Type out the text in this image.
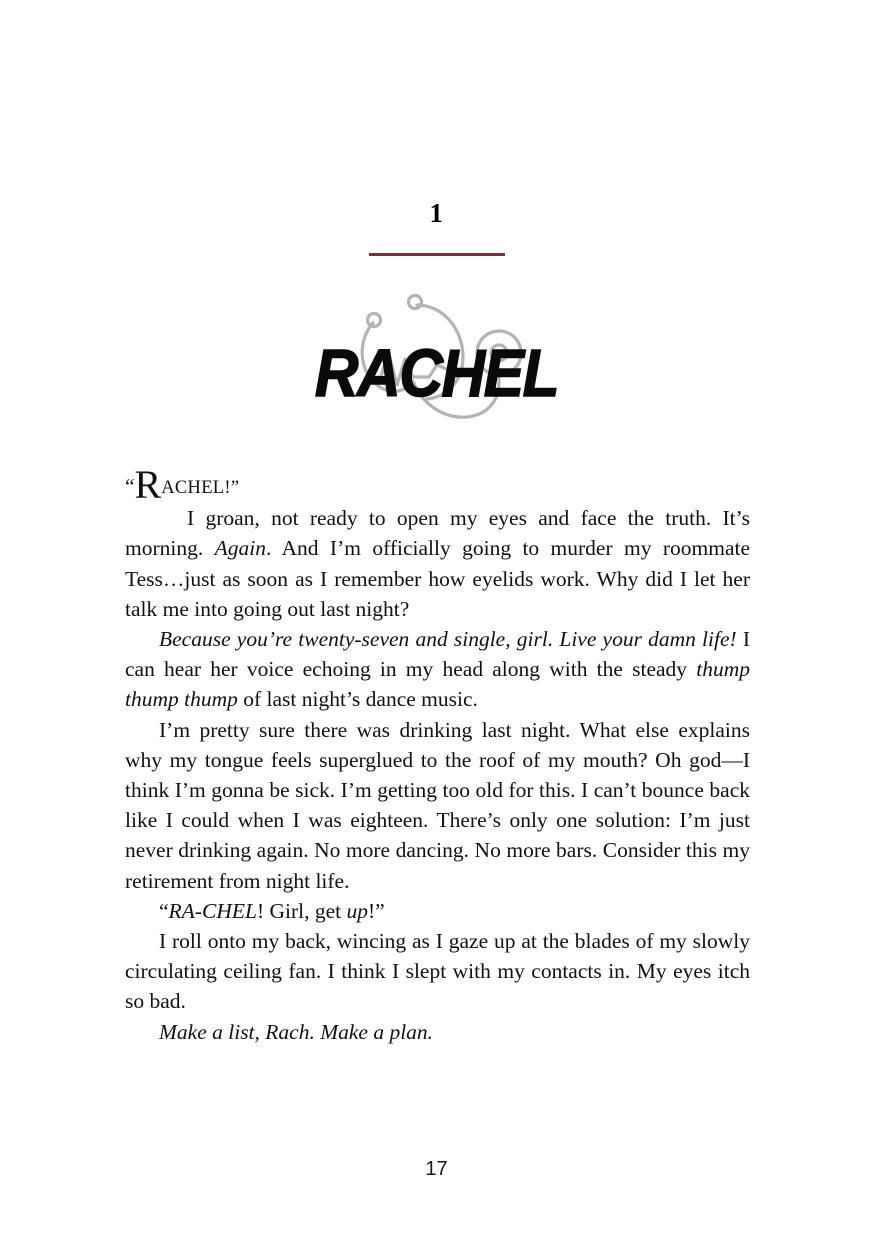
1
RACHEL

“RACHEL!”
I groan, not ready to open my eyes and face the truth. It’s morning. Again. And I’m officially going to murder my roommate Tess…just as soon as I remember how eyelids work. Why did I let her talk me into going out last night?

Because you’re twenty-seven and single, girl. Live your damn life! I can hear her voice echoing in my head along with the steady thump thump thump of last night’s dance music.

I’m pretty sure there was drinking last night. What else explains why my tongue feels superglued to the roof of my mouth? Oh god—I think I’m gonna be sick. I’m getting too old for this. I can’t bounce back like I could when I was eighteen. There’s only one solution: I’m just never drinking again. No more dancing. No more bars. Consider this my retirement from night life.

“RA-CHEL! Girl, get up!”

I roll onto my back, wincing as I gaze up at the blades of my slowly circulating ceiling fan. I think I slept with my contacts in. My eyes itch so bad.

Make a list, Rach. Make a plan.

17
